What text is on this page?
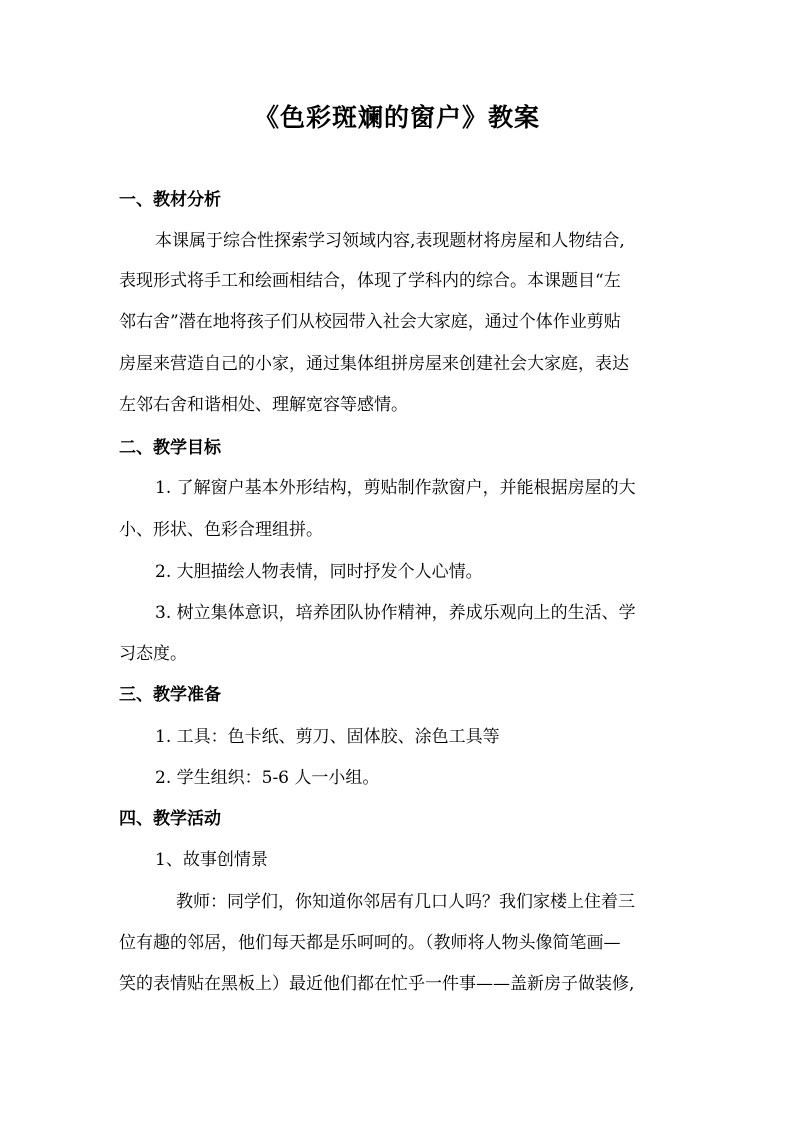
《色彩斑斓的窗户》教案
一、教材分析
本课属于综合性探索学习领域内容,表现题材将房屋和人物结合,
表现形式将手工和绘画相结合，体现了学科内的综合。本课题目“左
邻右舍”潜在地将孩子们从校园带入社会大家庭，通过个体作业剪贴
房屋来营造自己的小家，通过集体组拼房屋来创建社会大家庭，表达
左邻右舍和谐相处、理解宽容等感情。
二、教学目标
1. 了解窗户基本外形结构，剪贴制作款窗户，并能根据房屋的大
小、形状、色彩合理组拼。
2. 大胆描绘人物表情，同时抒发个人心情。
3. 树立集体意识，培养团队协作精神，养成乐观向上的生活、学
习态度。
三、教学准备
1. 工具：色卡纸、剪刀、固体胶、涂色工具等
2. 学生组织：5-6 人一小组。
四、教学活动
1、故事创情景
教师：同学们，你知道你邻居有几口人吗？我们家楼上住着三
位有趣的邻居，他们每天都是乐呵呵的。（教师将人物头像简笔画—
笑的表情贴在黑板上）最近他们都在忙乎一件事——盖新房子做装修,
